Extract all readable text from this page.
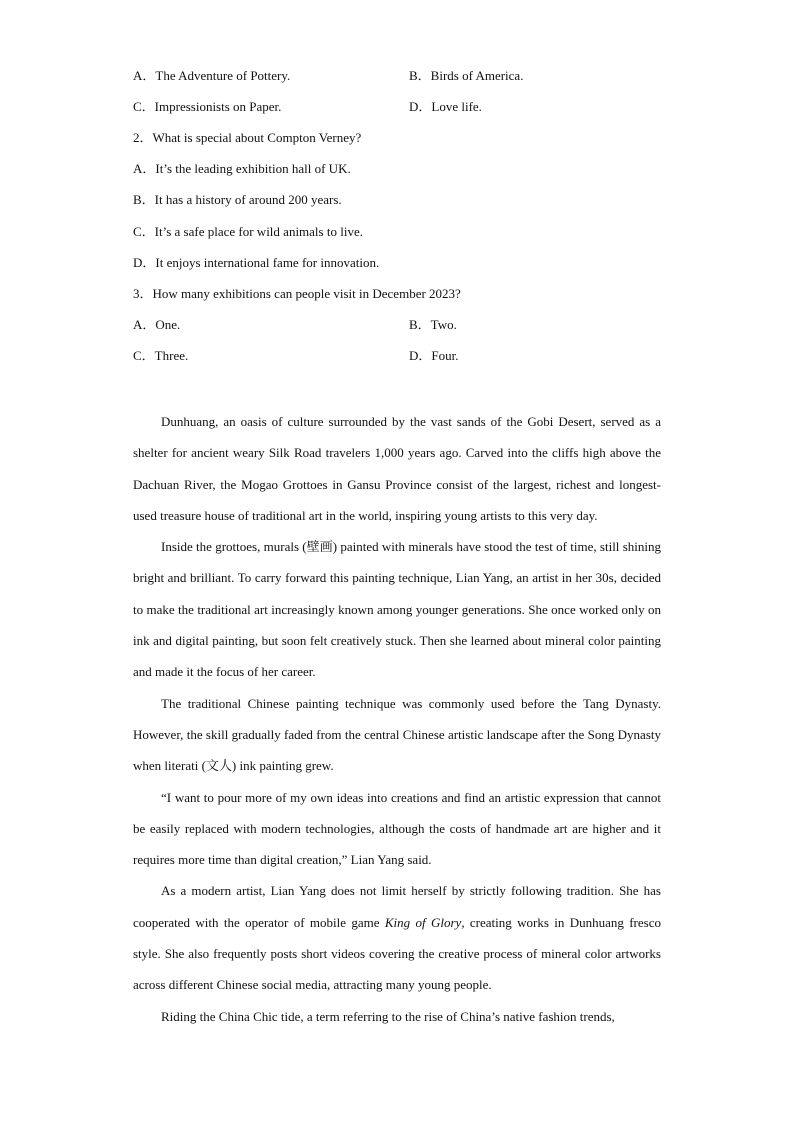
A．The Adventure of Pottery.	B．Birds of America.
C．Impressionists on Paper.	D．Love life.
2．What is special about Compton Verney?
A．It’s the leading exhibition hall of UK.
B．It has a history of around 200 years.
C．It’s a safe place for wild animals to live.
D．It enjoys international fame for innovation.
3．How many exhibitions can people visit in December 2023?
A．One.	B．Two.
C．Three.	D．Four.

Dunhuang, an oasis of culture surrounded by the vast sands of the Gobi Desert, served as a shelter for ancient weary Silk Road travelers 1,000 years ago. Carved into the cliffs high above the Dachuan River, the Mogao Grottoes in Gansu Province consist of the largest, richest and longest-used treasure house of traditional art in the world, inspiring young artists to this very day.

Inside the grottoes, murals (壁画) painted with minerals have stood the test of time, still shining bright and brilliant. To carry forward this painting technique, Lian Yang, an artist in her 30s, decided to make the traditional art increasingly known among younger generations. She once worked only on ink and digital painting, but soon felt creatively stuck. Then she learned about mineral color painting and made it the focus of her career.

The traditional Chinese painting technique was commonly used before the Tang Dynasty. However, the skill gradually faded from the central Chinese artistic landscape after the Song Dynasty when literati (文人) ink painting grew.

“I want to pour more of my own ideas into creations and find an artistic expression that cannot be easily replaced with modern technologies, although the costs of handmade art are higher and it requires more time than digital creation,” Lian Yang said.

As a modern artist, Lian Yang does not limit herself by strictly following tradition. She has cooperated with the operator of mobile game King of Glory, creating works in Dunhuang fresco style. She also frequently posts short videos covering the creative process of mineral color artworks across different Chinese social media, attracting many young people.

Riding the China Chic tide, a term referring to the rise of China’s native fashion trends,
